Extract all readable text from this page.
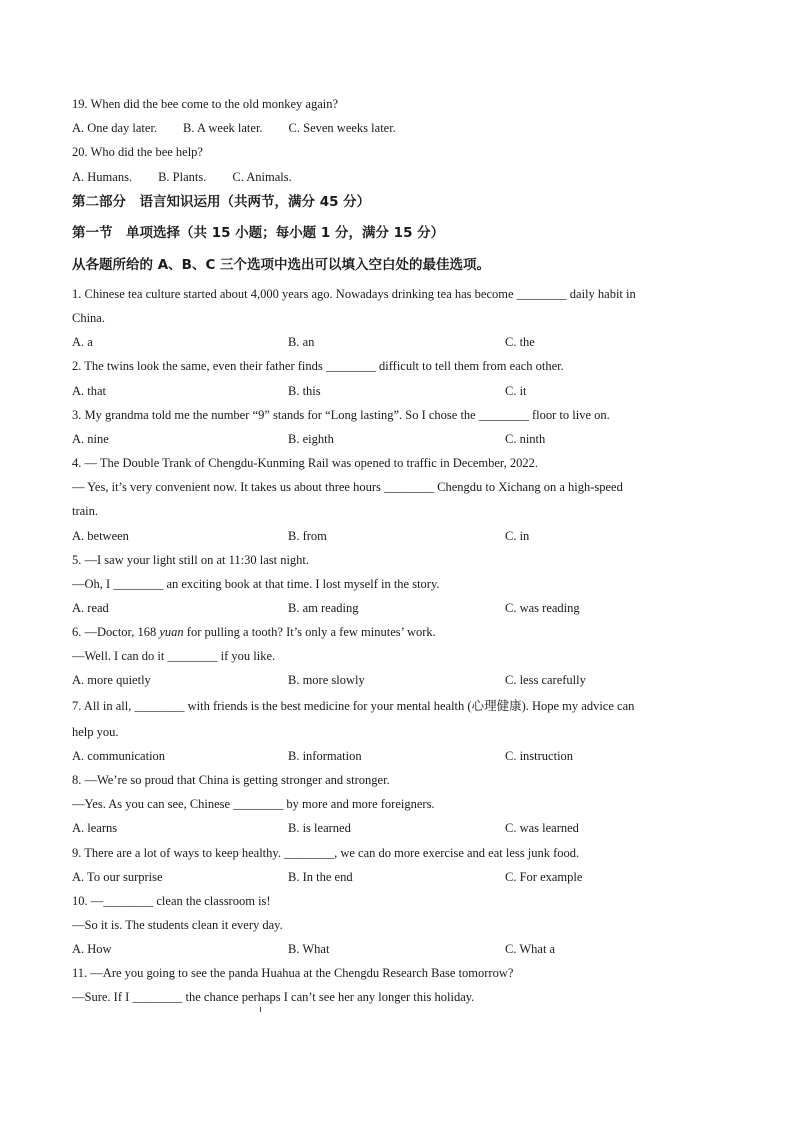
19. When did the bee come to the old monkey again?
A. One day later. B. A week later. C. Seven weeks later.
20. Who did the bee help?
A. Humans. B. Plants. C. Animals.
第二部分　语言知识运用（共两节，满分 45 分）
第一节　单项选择（共 15 小题；每小题 1 分，满分 15 分）
从各题所给的 A、B、C 三个选项中选出可以填入空白处的最佳选项。
1. Chinese tea culture started about 4,000 years ago. Nowadays drinking tea has become ________ daily habit in
China.
A. a	B. an	C. the
2. The twins look the same, even their father finds ________ difficult to tell them from each other.
A. that	B. this	C. it
3. My grandma told me the number “9” stands for “Long lasting”. So I chose the ________ floor to live on.
A. nine	B. eighth	C. ninth
4. — The Double Trank of Chengdu-Kunming Rail was opened to traffic in December, 2022.
— Yes, it’s very convenient now. It takes us about three hours ________ Chengdu to Xichang on a high-speed
train.
A. between	B. from	C. in
5. —I saw your light still on at 11:30 last night.
—Oh, I ________ an exciting book at that time. I lost myself in the story.
A. read	B. am reading	C. was reading
6. —Doctor, 168 yuan for pulling a tooth? It’s only a few minutes’ work.
—Well. I can do it ________ if you like.
A. more quietly	B. more slowly	C. less carefully
7. All in all, ________ with friends is the best medicine for your mental health (心理健康). Hope my advice can
help you.
A. communication	B. information	C. instruction
8. —We’re so proud that China is getting stronger and stronger.
—Yes. As you can see, Chinese ________ by more and more foreigners.
A. learns	B. is learned	C. was learned
9. There are a lot of ways to keep healthy. ________, we can do more exercise and eat less junk food.
A. To our surprise	B. In the end	C. For example
10. —________ clean the classroom is!
—So it is. The students clean it every day.
A. How	B. What	C. What a
11. —Are you going to see the panda Huahua at the Chengdu Research Base tomorrow?
—Sure. If I ________ the chance perhaps I can’t see her any longer this holiday.
